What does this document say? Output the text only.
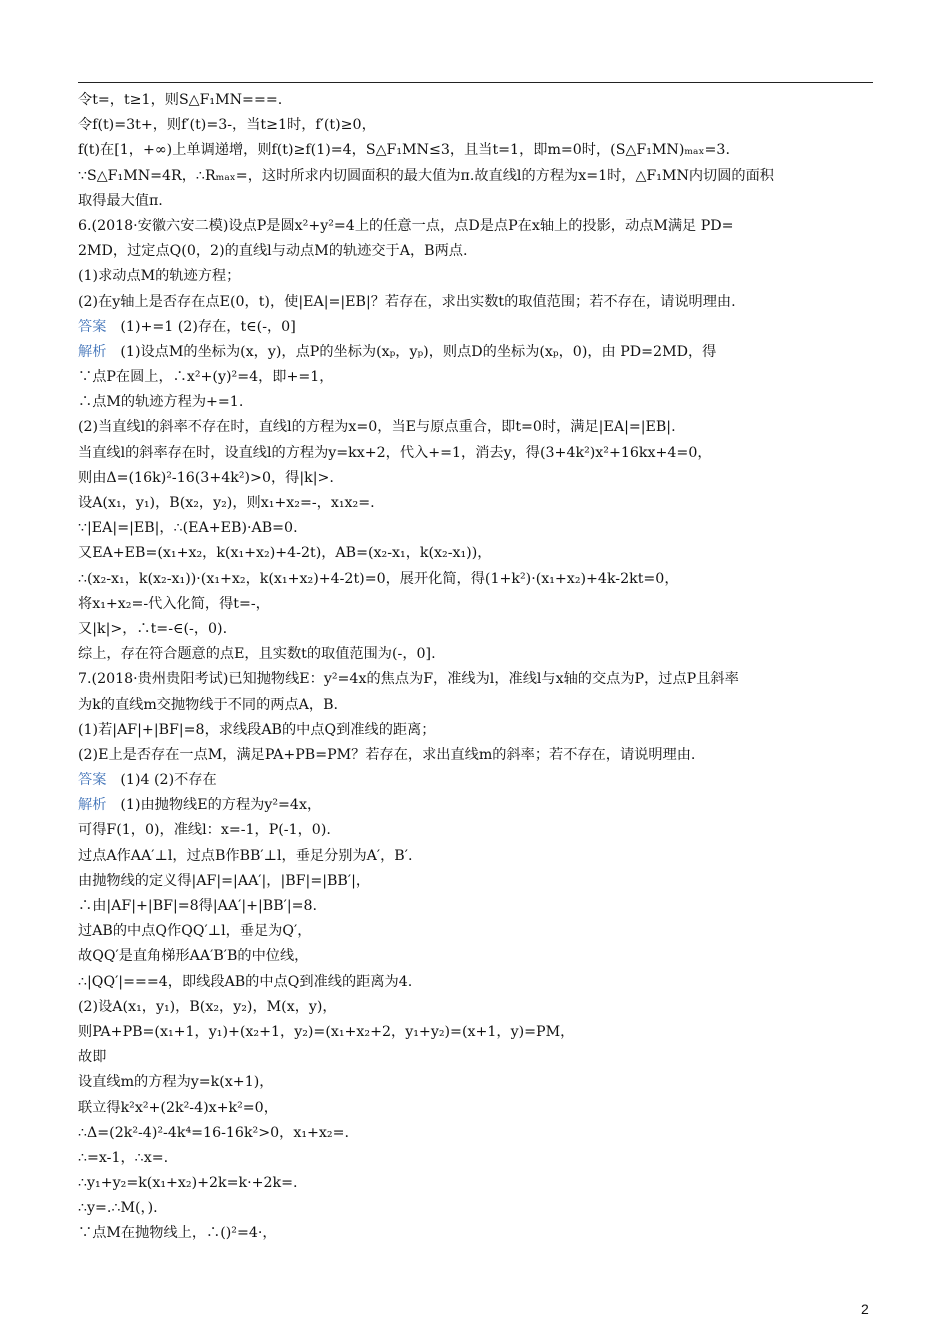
令t=，t≥1，则S△F₁MN===.
令f(t)=3t+，则f′(t)=3-，当t≥1时，f′(t)≥0，
f(t)在[1，+∞)上单调递增，则f(t)≥f(1)=4，S△F₁MN≤3，且当t=1，即m=0时，(S△F₁MN)ₘₐₓ=3.
∵S△F₁MN=4R，∴Rₘₐₓ=，这时所求内切圆面积的最大值为π.故直线l的方程为x=1时，△F₁MN内切圆的面积
取得最大值π.
6.(2018·安徽六安二模)设点P是圆x²+y²=4上的任意一点，点D是点P在x轴上的投影，动点M满足 PD=
2MD，过定点Q(0，2)的直线l与动点M的轨迹交于A，B两点.
(1)求动点M的轨迹方程；
(2)在y轴上是否存在点E(0，t)，使|EA|=|EB|？若存在，求出实数t的取值范围；若不存在，请说明理由.
答案 (1)+=1 (2)存在，t∈(-，0]
解析 (1)设点M的坐标为(x，y)，点P的坐标为(xₚ，yₚ)，则点D的坐标为(xₚ，0)，由 PD=2MD，得
∵点P在圆上，∴x²+(y)²=4，即+=1，
∴点M的轨迹方程为+=1.
(2)当直线l的斜率不存在时，直线l的方程为x=0，当E与原点重合，即t=0时，满足|EA|=|EB|.
当直线l的斜率存在时，设直线l的方程为y=kx+2，代入+=1，消去y，得(3+4k²)x²+16kx+4=0，
则由Δ=(16k)²-16(3+4k²)>0，得|k|>.
设A(x₁，y₁)，B(x₂，y₂)，则x₁+x₂=-，x₁x₂=.
∵|EA|=|EB|，∴(EA+EB)·AB=0.
又EA+EB=(x₁+x₂，k(x₁+x₂)+4-2t)，AB=(x₂-x₁，k(x₂-x₁))，
∴(x₂-x₁，k(x₂-x₁))·(x₁+x₂，k(x₁+x₂)+4-2t)=0，展开化简，得(1+k²)·(x₁+x₂)+4k-2kt=0，
将x₁+x₂=-代入化简，得t=-，
又|k|>，∴t=-∈(-，0).
综上，存在符合题意的点E，且实数t的取值范围为(-，0].
7.(2018·贵州贵阳考试)已知抛物线E：y²=4x的焦点为F，准线为l，准线l与x轴的交点为P，过点P且斜率
为k的直线m交抛物线于不同的两点A，B.
(1)若|AF|+|BF|=8，求线段AB的中点Q到准线的距离；
(2)E上是否存在一点M，满足PA+PB=PM？若存在，求出直线m的斜率；若不存在，请说明理由.
答案 (1)4 (2)不存在
解析 (1)由抛物线E的方程为y²=4x，
可得F(1，0)，准线l：x=-1，P(-1，0).
过点A作AA′⊥l，过点B作BB′⊥l，垂足分别为A′，B′.
由抛物线的定义得|AF|=|AA′|，|BF|=|BB′|，
∴由|AF|+|BF|=8得|AA′|+|BB′|=8.
过AB的中点Q作QQ′⊥l，垂足为Q′，
故QQ′是直角梯形AA′B′B的中位线，
∴|QQ′|===4，即线段AB的中点Q到准线的距离为4.
(2)设A(x₁，y₁)，B(x₂，y₂)，M(x，y)，
则PA+PB=(x₁+1，y₁)+(x₂+1，y₂)=(x₁+x₂+2，y₁+y₂)=(x+1，y)=PM，
故即
设直线m的方程为y=k(x+1)，
联立得k²x²+(2k²-4)x+k²=0，
∴Δ=(2k²-4)²-4k⁴=16-16k²>0，x₁+x₂=.
∴=x-1，∴x=.
∴y₁+y₂=k(x₁+x₂)+2k=k·+2k=.
∴y=.∴M(，).
∵点M在抛物线上，∴()²=4·，
2
